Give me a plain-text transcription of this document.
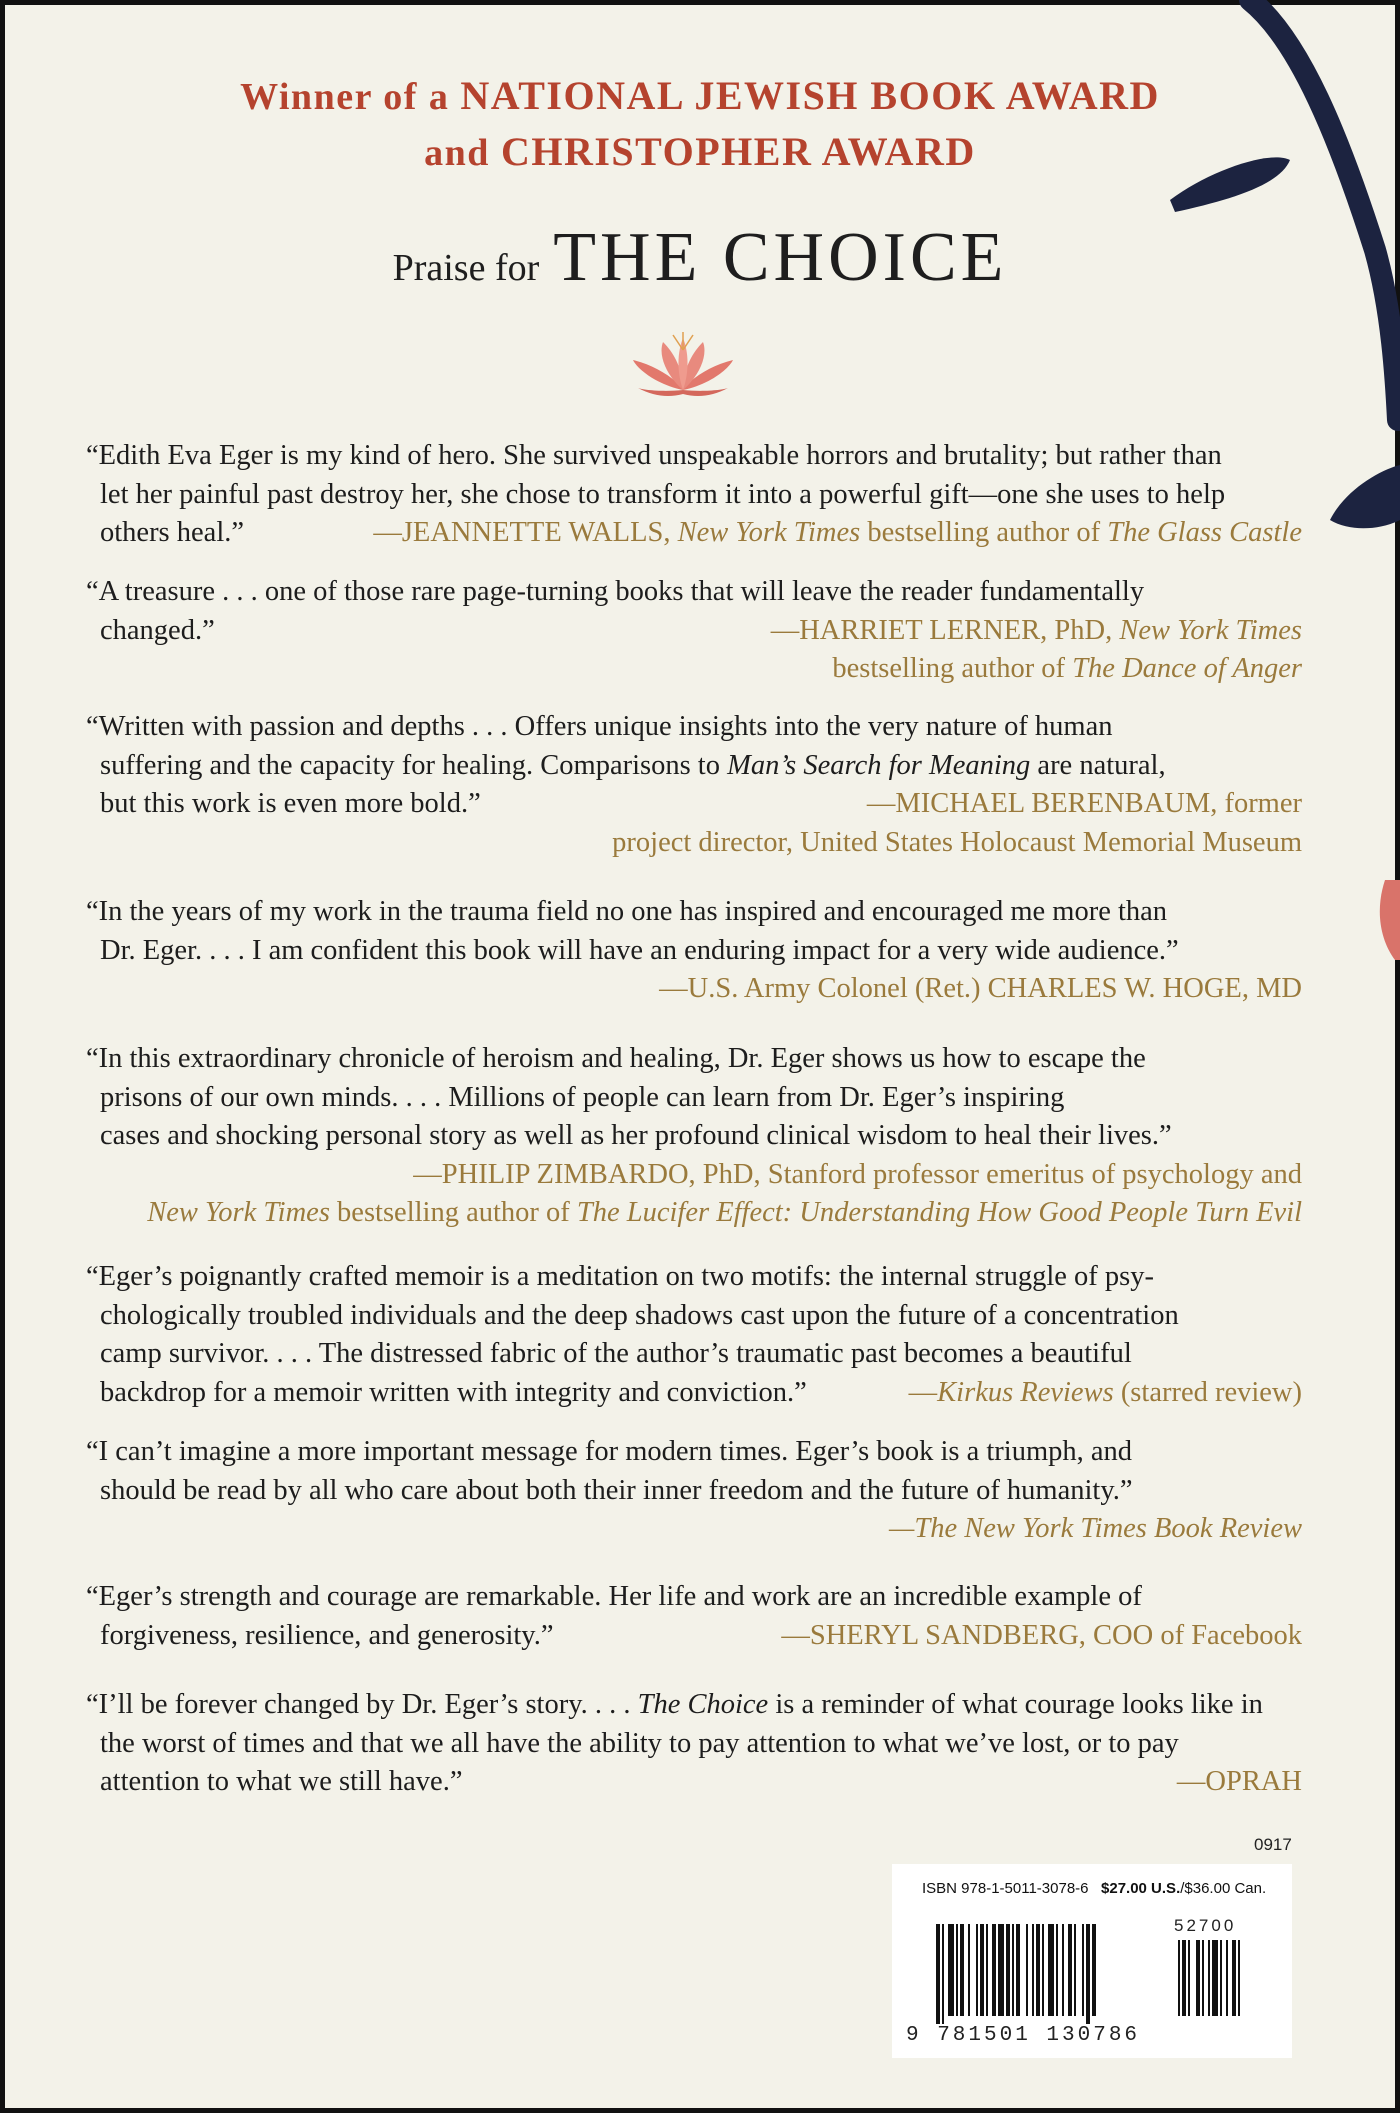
Winner of a NATIONAL JEWISH BOOK AWARD
and CHRISTOPHER AWARD
Praise for THE CHOICE
“Edith Eva Eger is my kind of hero. She survived unspeakable horrors and brutality; but rather than
let her painful past destroy her, she chose to transform it into a powerful gift—one she uses to help
others heal.”	—JEANNETTE WALLS, New York Times bestselling author of The Glass Castle
“A treasure . . . one of those rare page-turning books that will leave the reader fundamentally
changed.”	—HARRIET LERNER, PhD, New York Times
bestselling author of The Dance of Anger
“Written with passion and depths . . . Offers unique insights into the very nature of human
suffering and the capacity for healing. Comparisons to Man’s Search for Meaning are natural,
but this work is even more bold.”	—MICHAEL BERENBAUM, former
project director, United States Holocaust Memorial Museum
“In the years of my work in the trauma field no one has inspired and encouraged me more than
Dr. Eger. . . . I am confident this book will have an enduring impact for a very wide audience.”
—U.S. Army Colonel (Ret.) CHARLES W. HOGE, MD
“In this extraordinary chronicle of heroism and healing, Dr. Eger shows us how to escape the
prisons of our own minds. . . . Millions of people can learn from Dr. Eger’s inspiring
cases and shocking personal story as well as her profound clinical wisdom to heal their lives.”
—PHILIP ZIMBARDO, PhD, Stanford professor emeritus of psychology and
New York Times bestselling author of The Lucifer Effect: Understanding How Good People Turn Evil
“Eger’s poignantly crafted memoir is a meditation on two motifs: the internal struggle of psy-
chologically troubled individuals and the deep shadows cast upon the future of a concentration
camp survivor. . . . The distressed fabric of the author’s traumatic past becomes a beautiful
backdrop for a memoir written with integrity and conviction.”	—Kirkus Reviews (starred review)
“I can’t imagine a more important message for modern times. Eger’s book is a triumph, and
should be read by all who care about both their inner freedom and the future of humanity.”
—The New York Times Book Review
“Eger’s strength and courage are remarkable. Her life and work are an incredible example of
forgiveness, resilience, and generosity.”	—SHERYL SANDBERG, COO of Facebook
“I’ll be forever changed by Dr. Eger’s story. . . . The Choice is a reminder of what courage looks like in
the worst of times and that we all have the ability to pay attention to what we’ve lost, or to pay
attention to what we still have.”	—OPRAH
0917
ISBN 978-1-5011-3078-6 $27.00 U.S./$36.00 Can.
52700
9 781501 130786
